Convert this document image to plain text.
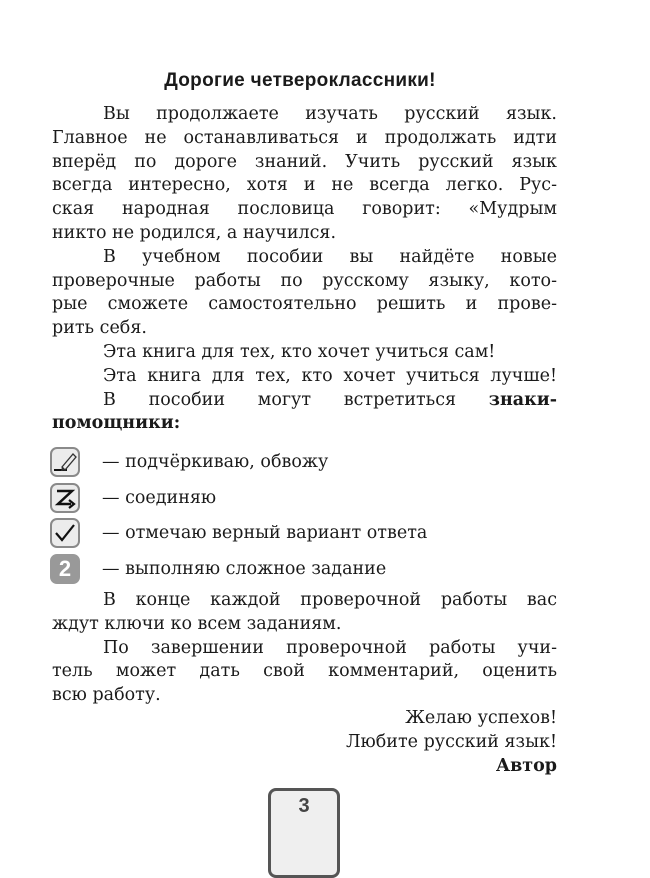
Дорогие четвероклассники!
Вы продолжаете изучать русский язык.
Главное не останавливаться и продолжать идти
вперёд по дороге знаний. Учить русский язык
всегда интересно, хотя и не всегда легко. Рус-
ская народная пословица говорит: «Мудрым
никто не родился, а научился.
В учебном пособии вы найдёте новые
проверочные работы по русскому языку, кото-
рые сможете самостоятельно решить и прове-
рить себя.
Эта книга для тех, кто хочет учиться сам!
Эта книга для тех, кто хочет учиться лучше!
В пособии могут встретиться знаки-
помощники:
— подчёркиваю, обвожу
— соединяю
— отмечаю верный вариант ответа
2	— выполняю сложное задание
В конце каждой проверочной работы вас
ждут ключи ко всем заданиям.
По завершении проверочной работы учи-
тель может дать свой комментарий, оценить
всю работу.
Желаю успехов!
Любите русский язык!
Автор
3
